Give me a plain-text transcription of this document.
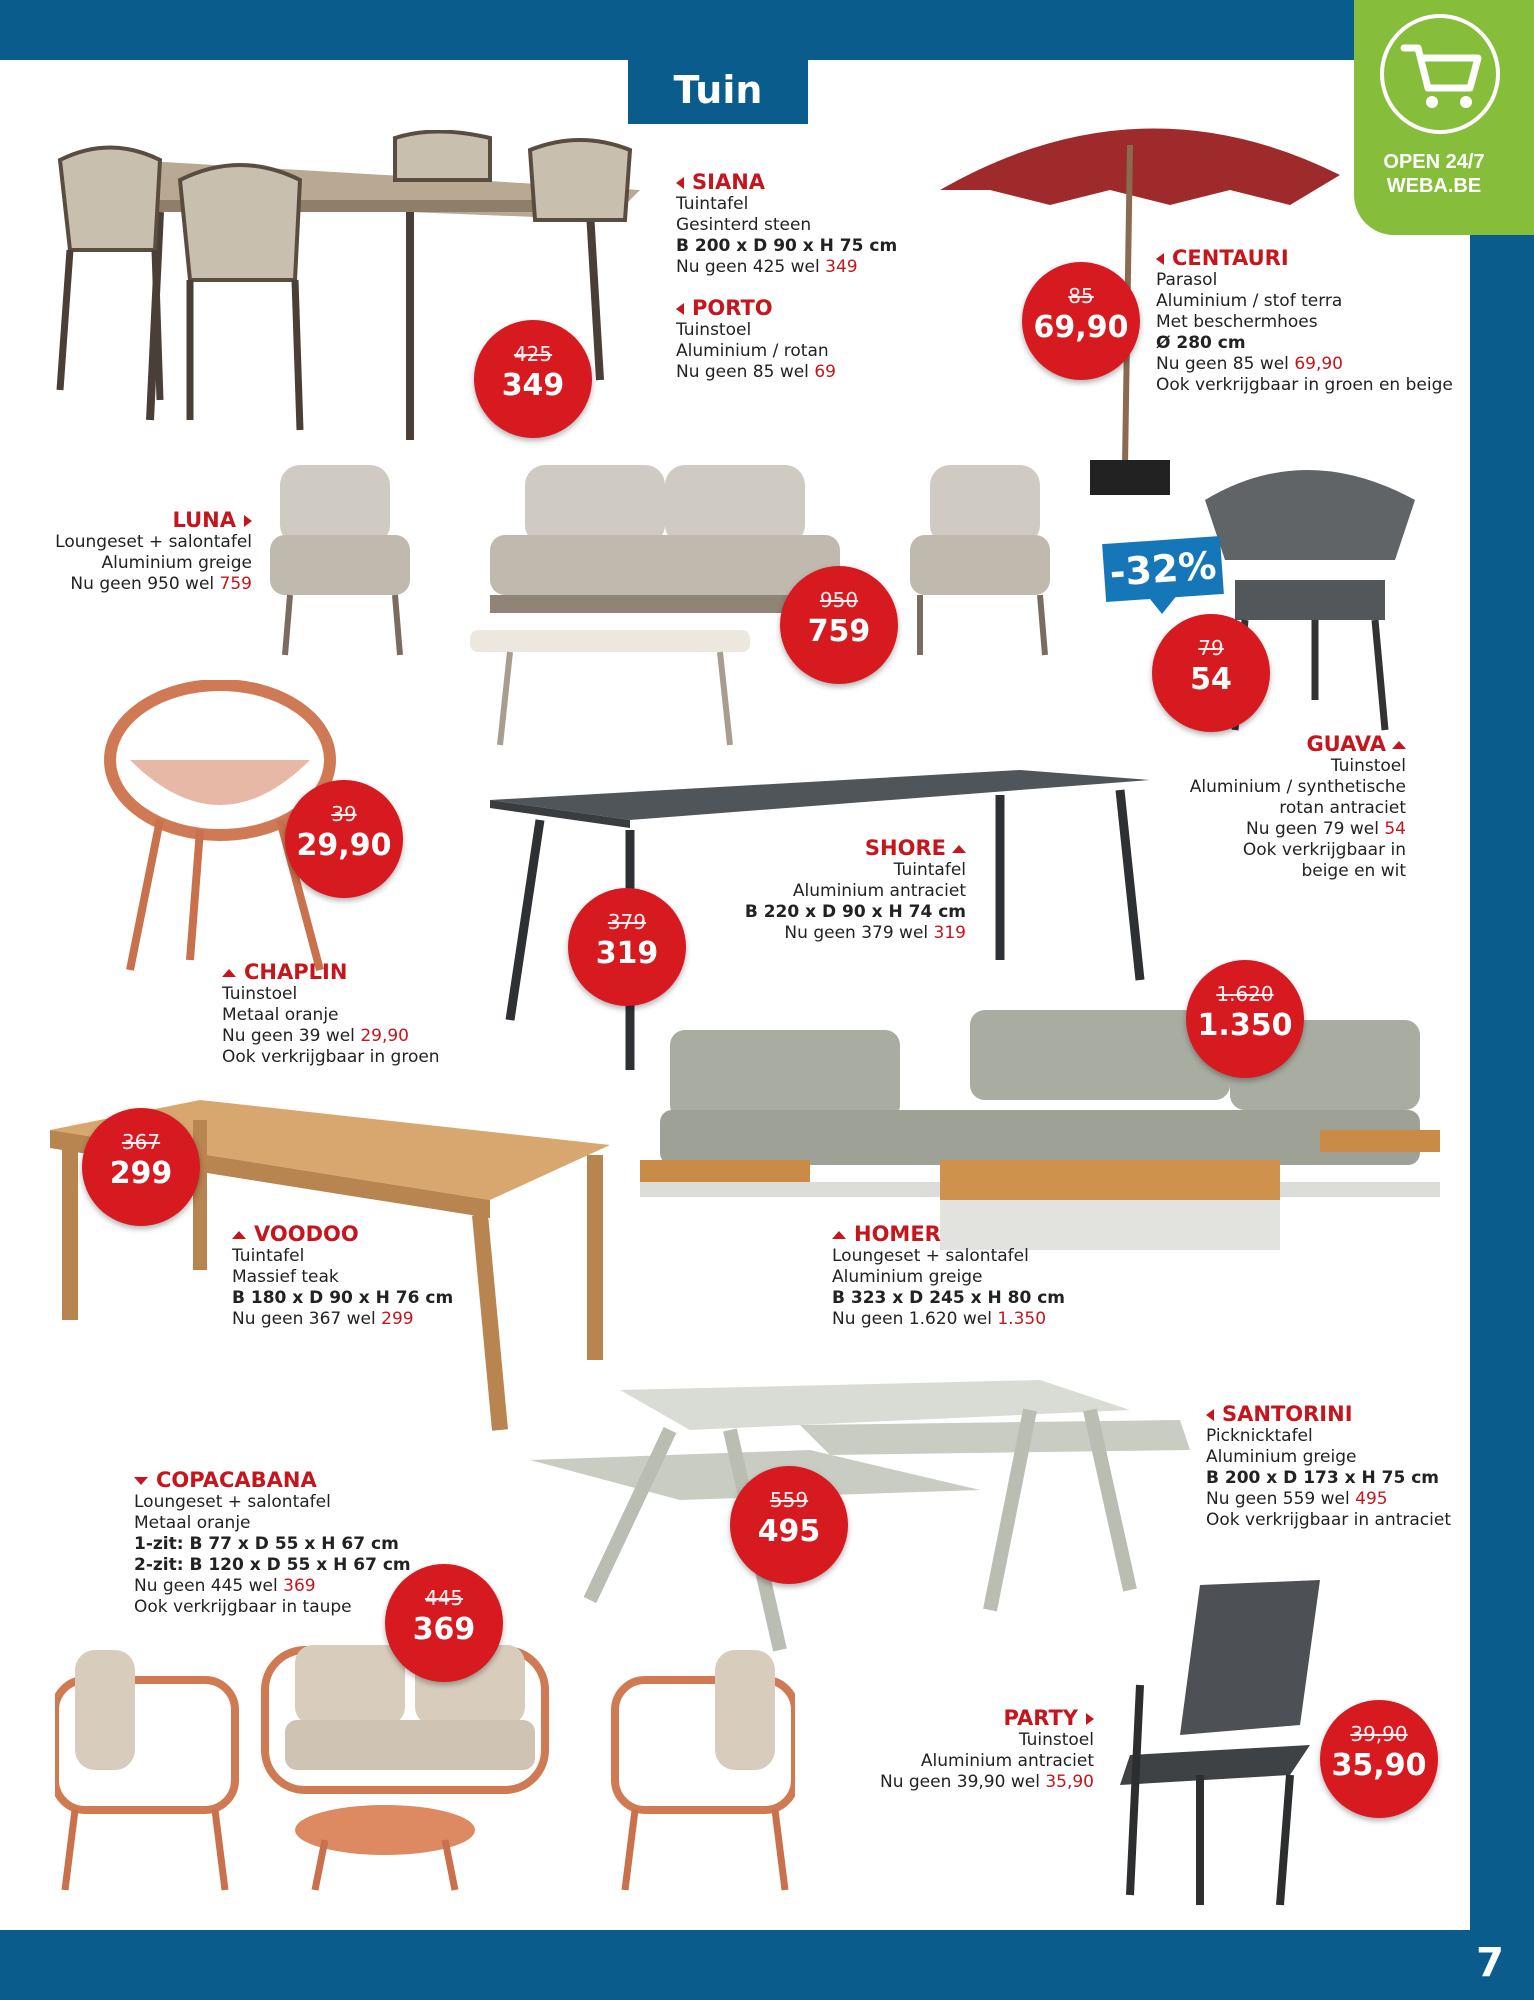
7
Tuin
OPEN 24/7
WEBA.BE
-32%
425
349
85
69,90
950
759	79
54
39
29,90
379
319
1.620
1.350
367
299
559
495
445
369
39,90
35,90
SIANA
Tuintafel
Gesinterd steen
B 200 x D 90 x H 75 cm
Nu geen 425 wel 349
PORTO
Tuinstoel
Aluminium / rotan
Nu geen 85 wel 69
CENTAURI
Parasol
Aluminium / stof terra
Met beschermhoes
Ø 280 cm
Nu geen 85 wel 69,90
Ook verkrijgbaar in groen en beige
LUNA
Loungeset + salontafel
Aluminium greige
Nu geen 950 wel 759
GUAVA
Tuinstoel
Aluminium / synthetische
rotan antraciet
Nu geen 79 wel 54
Ook verkrijgbaar in
beige en wit
CHAPLIN
Tuinstoel
Metaal oranje
Nu geen 39 wel 29,90
Ook verkrijgbaar in groen
SHORE
Tuintafel
Aluminium antraciet
B 220 x D 90 x H 74 cm
Nu geen 379 wel 319
VOODOO
Tuintafel
Massief teak
B 180 x D 90 x H 76 cm
Nu geen 367 wel 299
HOMER
Loungeset + salontafel
Aluminium greige
B 323 x D 245 x H 80 cm
Nu geen 1.620 wel 1.350
SANTORINI
Picknicktafel
Aluminium greige
B 200 x D 173 x H 75 cm
Nu geen 559 wel 495
Ook verkrijgbaar in antraciet
COPACABANA
Loungeset + salontafel
Metaal oranje
1-zit: B 77 x D 55 x H 67 cm
2-zit: B 120 x D 55 x H 67 cm
Nu geen 445 wel 369
Ook verkrijgbaar in taupe
PARTY
Tuinstoel
Aluminium antraciet
Nu geen 39,90 wel 35,90
